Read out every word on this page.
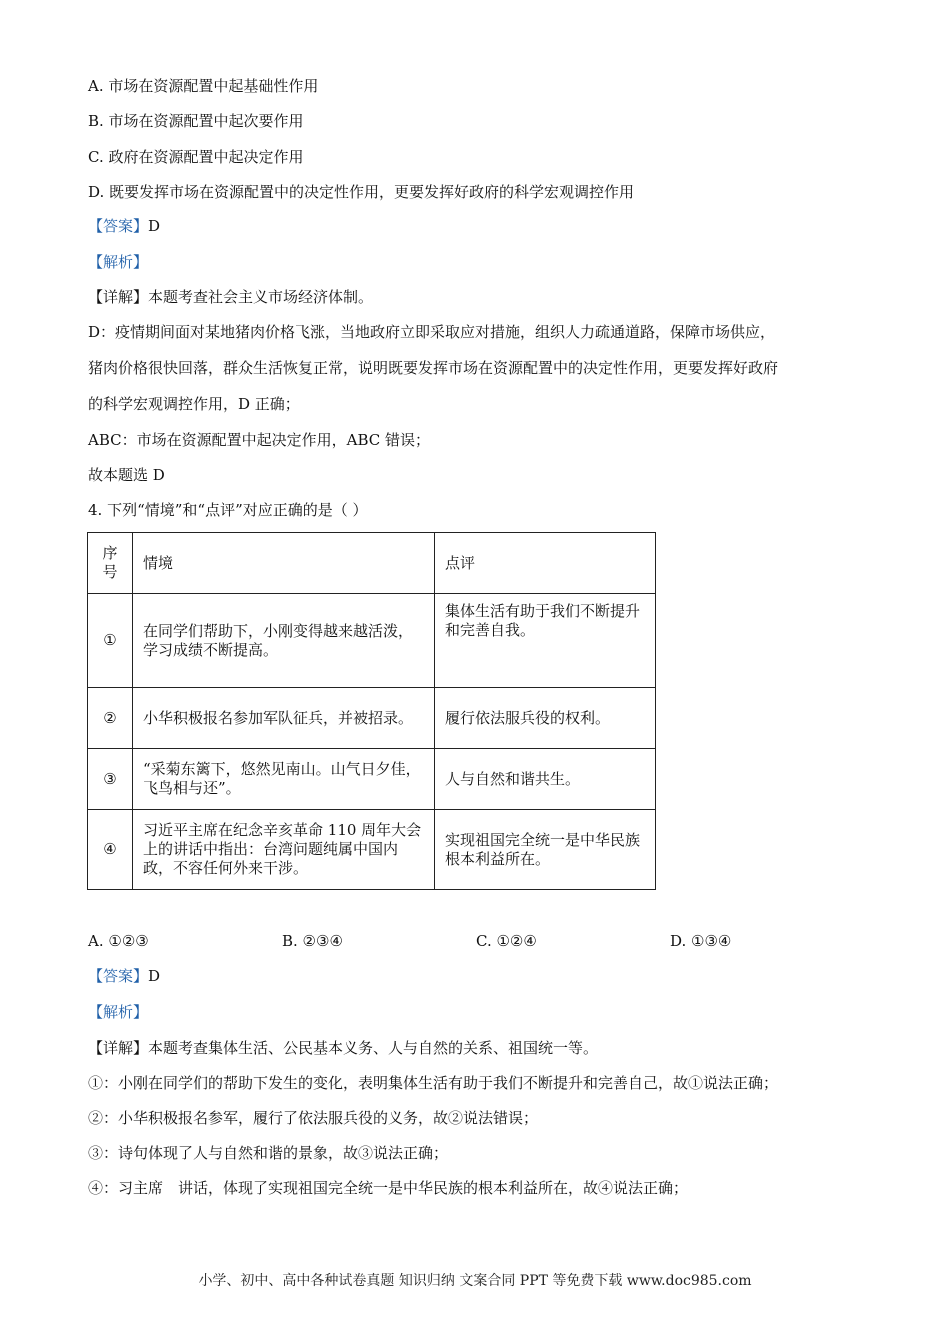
A. 市场在资源配置中起基础性作用
B. 市场在资源配置中起次要作用
C. 政府在资源配置中起决定作用
D. 既要发挥市场在资源配置中的决定性作用，更要发挥好政府的科学宏观调控作用
【答案】D
【解析】
【详解】本题考查社会主义市场经济体制。
D：疫情期间面对某地猪肉价格飞涨，当地政府立即采取应对措施，组织人力疏通道路，保障市场供应，
猪肉价格很快回落，群众生活恢复正常，说明既要发挥市场在资源配置中的决定性作用，更要发挥好政府
的科学宏观调控作用，D 正确；
ABC：市场在资源配置中起决定作用，ABC 错误；
故本题选 D
4. 下列“情境”和“点评”对应正确的是（ ）
序号	情境	点评
①	在同学们帮助下，小刚变得越来越活泼，学习成绩不断提高。	集体生活有助于我们不断提升和完善自我。
②	小华积极报名参加军队征兵，并被招录。	履行依法服兵役的权利。
③	“采菊东篱下，悠然见南山。山气日夕佳，飞鸟相与还”。	人与自然和谐共生。
④	习近平主席在纪念辛亥革命 110 周年大会上的讲话中指出：台湾问题纯属中国内政，不容任何外来干涉。	实现祖国完全统一是中华民族根本利益所在。
A. ①②③	B. ②③④	C. ①②④	D. ①③④
【答案】D
【解析】
【详解】本题考查集体生活、公民基本义务、人与自然的关系、祖国统一等。
①：小刚在同学们的帮助下发生的变化，表明集体生活有助于我们不断提升和完善自己，故①说法正确；
②：小华积极报名参军，履行了依法服兵役的义务，故②说法错误；
③：诗句体现了人与自然和谐的景象，故③说法正确；
④：习主席　讲话，体现了实现祖国完全统一是中华民族的根本利益所在，故④说法正确；
小学、初中、高中各种试卷真题 知识归纳 文案合同 PPT 等免费下载 www.doc985.com
